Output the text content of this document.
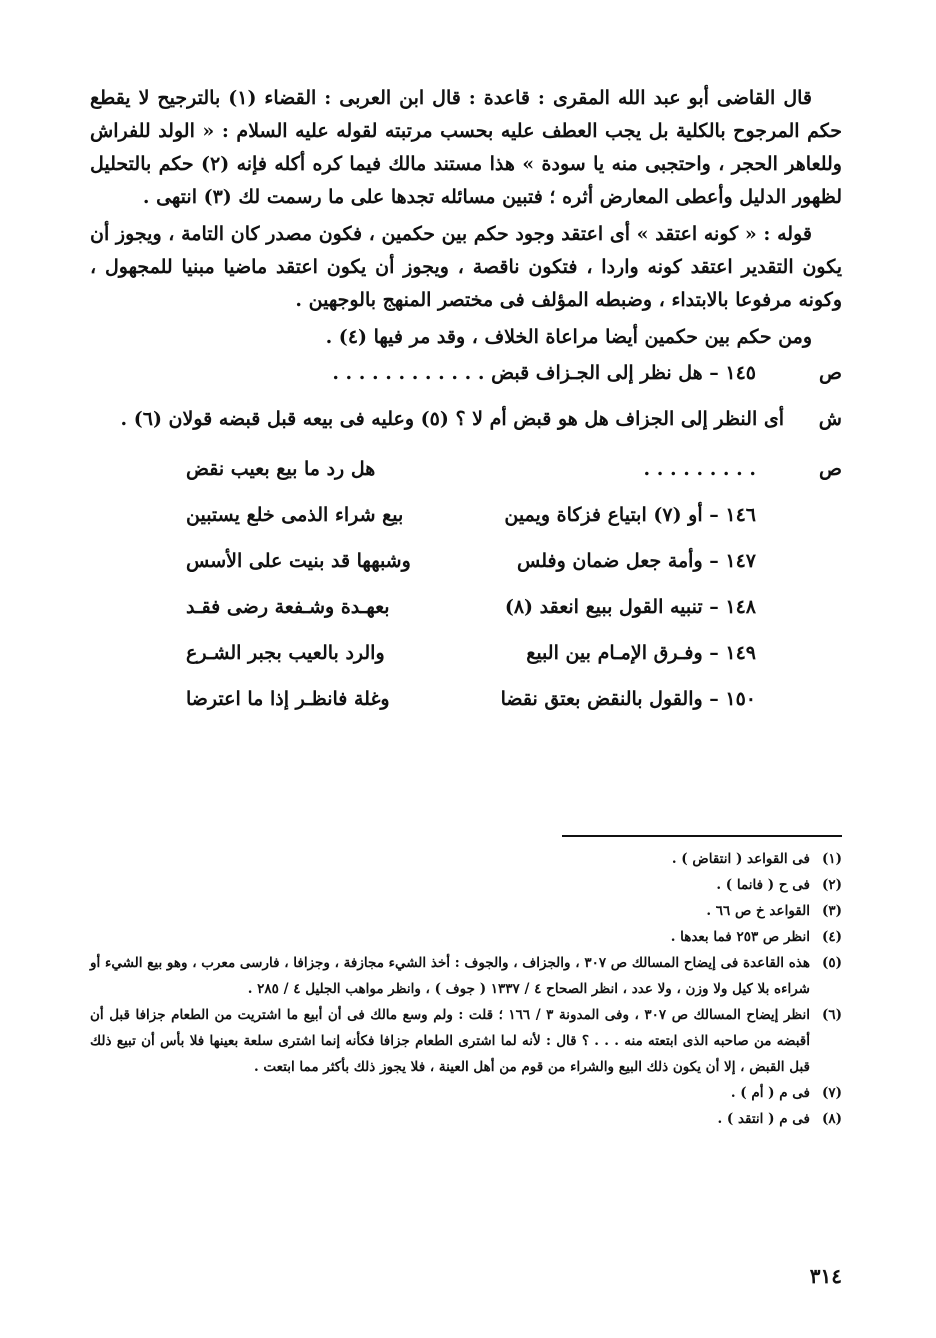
قال القاضى أبو عبد الله المقرى : قاعدة : قال ابن العربى : القضاء (١) بالترجيح لا يقطع حكم المرجوح بالكلية بل يجب العطف عليه بحسب مرتبته لقوله عليه السلام : « الولد للفراش وللعاهر الحجر ، واحتجبى منه يا سودة » هذا مستند مالك فيما كره أكله فإنه (٢) حكم بالتحليل لظهور الدليل وأعطى المعارض أثره ؛ فتبين مسائله تجدها على ما رسمت لك (٣) انتهى .

قوله : « كونه اعتقد » أى اعتقد وجود حكم بين حكمين ، فكون مصدر كان التامة ، ويجوز أن يكون التقدير اعتقد كونه واردا ، فتكون ناقصة ، ويجوز أن يكون اعتقد ماضيا مبنيا للمجهول ، وكونه مرفوعا بالابتداء ، وضبطه المؤلف فى مختصر المنهج بالوجهين .

ومن حكم بين حكمين أيضا مراعاة الخلاف ، وقد مر فيها (٤) .

ص
١٤٥ – هل نظر إلى الجـزاف قبض . . . . . . . . . . . .
ش
أى النظر إلى الجزاف هل هو قبض أم لا ؟ (٥) وعليه فى بيعه قبل قبضه قولان (٦) .
ص
. . . . . . . . .
هل رد ما بيع بعيب نقض
١٤٦ – أو (٧) ابتياع فزكاة ويمين
بيع شراء الذمى خلع يستبين
١٤٧ – وأمة جعل ضمان وفلس
وشبهها قد بنيت على الأسس
١٤٨ – تنبيه القول ببيع انعقد (٨)
بعهـدة وشـفعة رضى فقـد
١٤٩ – وفـرق الإمـام بين البيع
والرد بالعيب بجبر الشـرع
١٥٠ – والقول بالنقض بعتق نقضا
وغلة فانظـر إذا ما اعترضا
(١)
فى القواعد ( انتقاض ) .
(٢)
فى ح ( فانما ) .
(٣)
القواعد خ ص ٦٦ .
(٤)
انظر ص ٢٥٣ فما بعدها .
(٥)
هذه القاعدة فى إيضاح المسالك ص ٣٠٧ ، والجزاف ، والجوف : أخذ الشيء مجازفة ، وجزافا ، فارسى معرب ، وهو بيع الشيء أو شراءه بلا كيل ولا وزن ، ولا عدد ، انظر الصحاح ٤ / ١٣٣٧ ( جوف ) ، وانظر مواهب الجليل ٤ / ٢٨٥ .
(٦)
انظر إيضاح المسالك ص ٣٠٧ ، وفى المدونة ٣ / ١٦٦ ؛ قلت : ولم وسع مالك فى أن أبيع ما اشتريت من الطعام جزافا قبل أن أقبضه من صاحبه الذى ابتعته منه . . . ؟ قال : لأنه لما اشترى الطعام جزافا فكأنه إنما اشترى سلعة بعينها فلا بأس أن تبيع ذلك قبل القبض ، إلا أن يكون ذلك البيع والشراء من قوم من أهل العينة ، فلا يجوز ذلك بأكثر مما ابتعت .
(٧)
فى م ( أم ) .
(٨)
فى م ( انتقد ) .
٣١٤
